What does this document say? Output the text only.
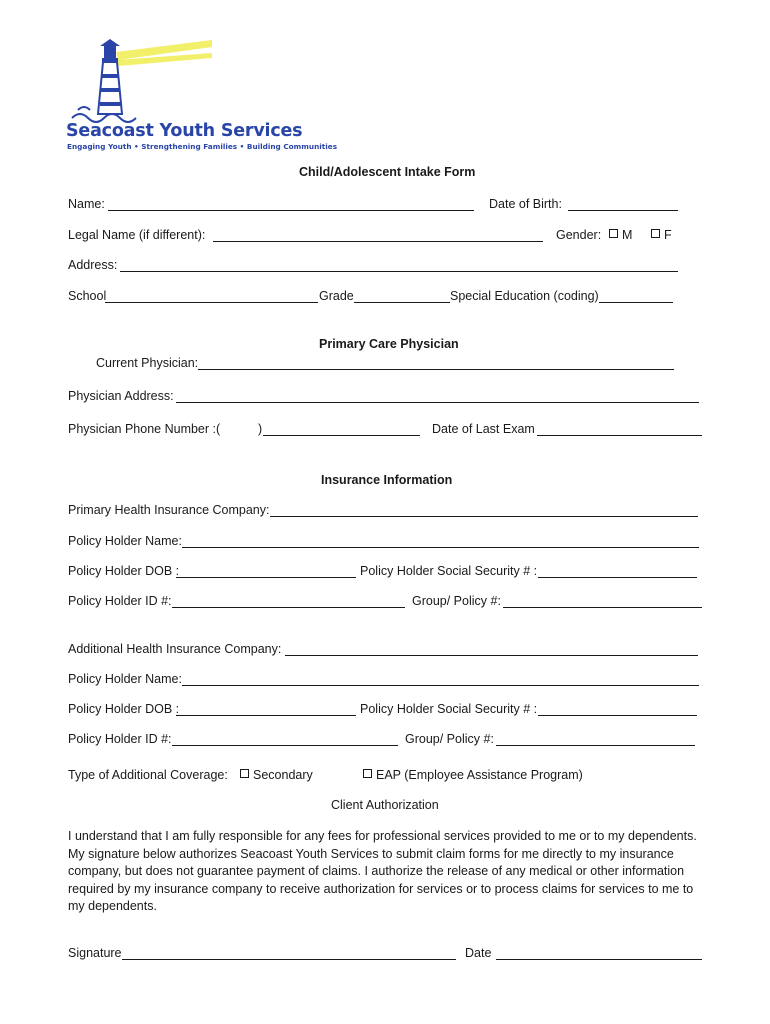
Seacoast Youth Services
Engaging Youth • Strengthening Families • Building Communities
Child/Adolescent Intake Form
Name:	Date of Birth:
Legal Name (if different):	Gender:	M	F
Address:
School	Grade	Special Education (coding)
Primary Care Physician
Current Physician:
Physician Address:
Physician Phone Number :(	)	Date of Last Exam
Insurance Information
Primary Health Insurance Company:
Policy Holder Name:
Policy Holder DOB :	Policy Holder Social Security # :
Policy Holder ID #:	Group/ Policy #:
Additional Health Insurance Company:
Policy Holder Name:
Policy Holder DOB :	Policy Holder Social Security # :
Policy Holder ID #:	Group/ Policy #:
Type of Additional Coverage:	Secondary	EAP (Employee Assistance Program)
Client Authorization
I understand that I am fully responsible for any fees for professional services provided to me or to my dependents. My signature below authorizes Seacoast Youth Services to submit claim forms for me directly to my insurance company, but does not guarantee payment of claims. I authorize the release of any medical or other information required by my insurance company to receive authorization for services or to process claims for services to me to my dependents.
Signature	Date
